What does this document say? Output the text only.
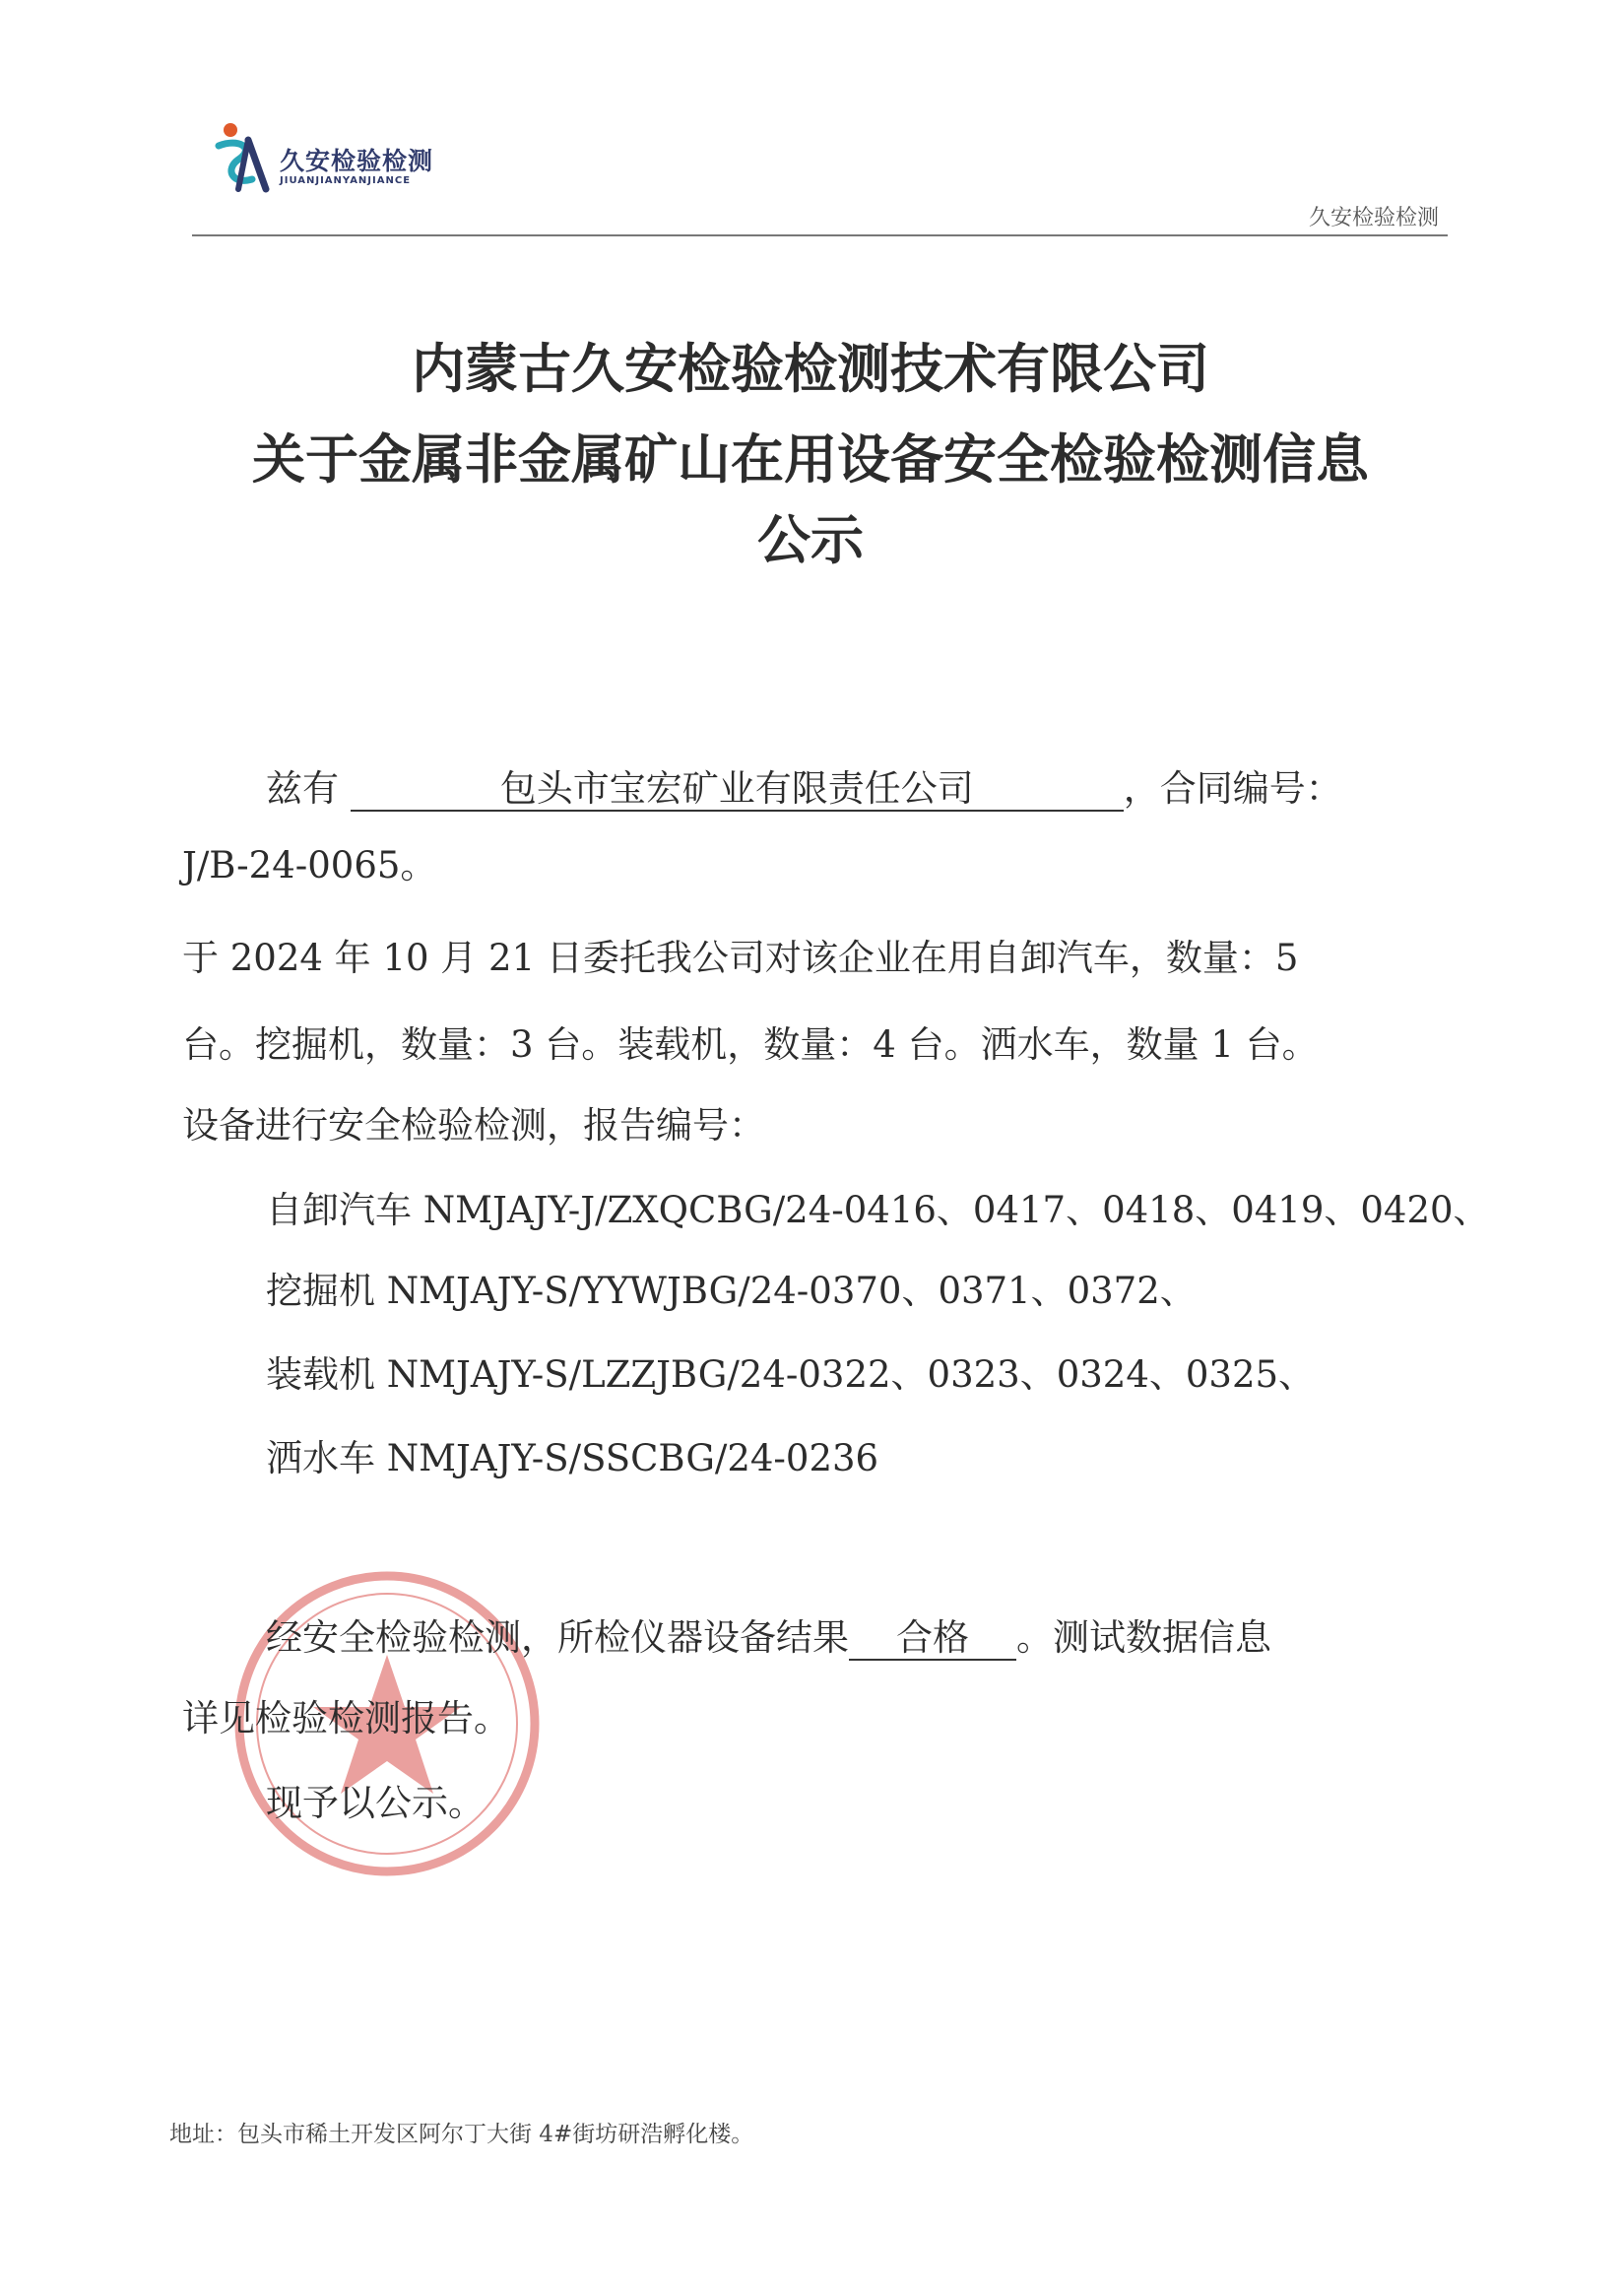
久安检验检测
JIUANJIANYANJIANCE
久安检验检测
内蒙古久安检验检测技术有限公司
关于金属非金属矿山在用设备安全检验检测信息
公示
兹有	包头市宝宏矿业有限责任公司	，合同编号：
J/B-24-0065。
于 2024 年 10 月 21 日委托我公司对该企业在用自卸汽车，数量：5
台。挖掘机，数量：3 台。装载机，数量：4 台。洒水车，数量 1 台。
设备进行安全检验检测，报告编号：
自卸汽车 NMJAJY-J/ZXQCBG/24-0416、0417、0418、0419、0420、
挖掘机 NMJAJY-S/YYWJBG/24-0370、0371、0372、
装载机 NMJAJY-S/LZZJBG/24-0322、0323、0324、0325、
洒水车 NMJAJY-S/SSCBG/24-0236
经安全检验检测，所检仪器设备结果 合格 。测试数据信息
详见检验检测报告。
现予以公示。
地址：包头市稀土开发区阿尔丁大街 4#街坊研浩孵化楼。
